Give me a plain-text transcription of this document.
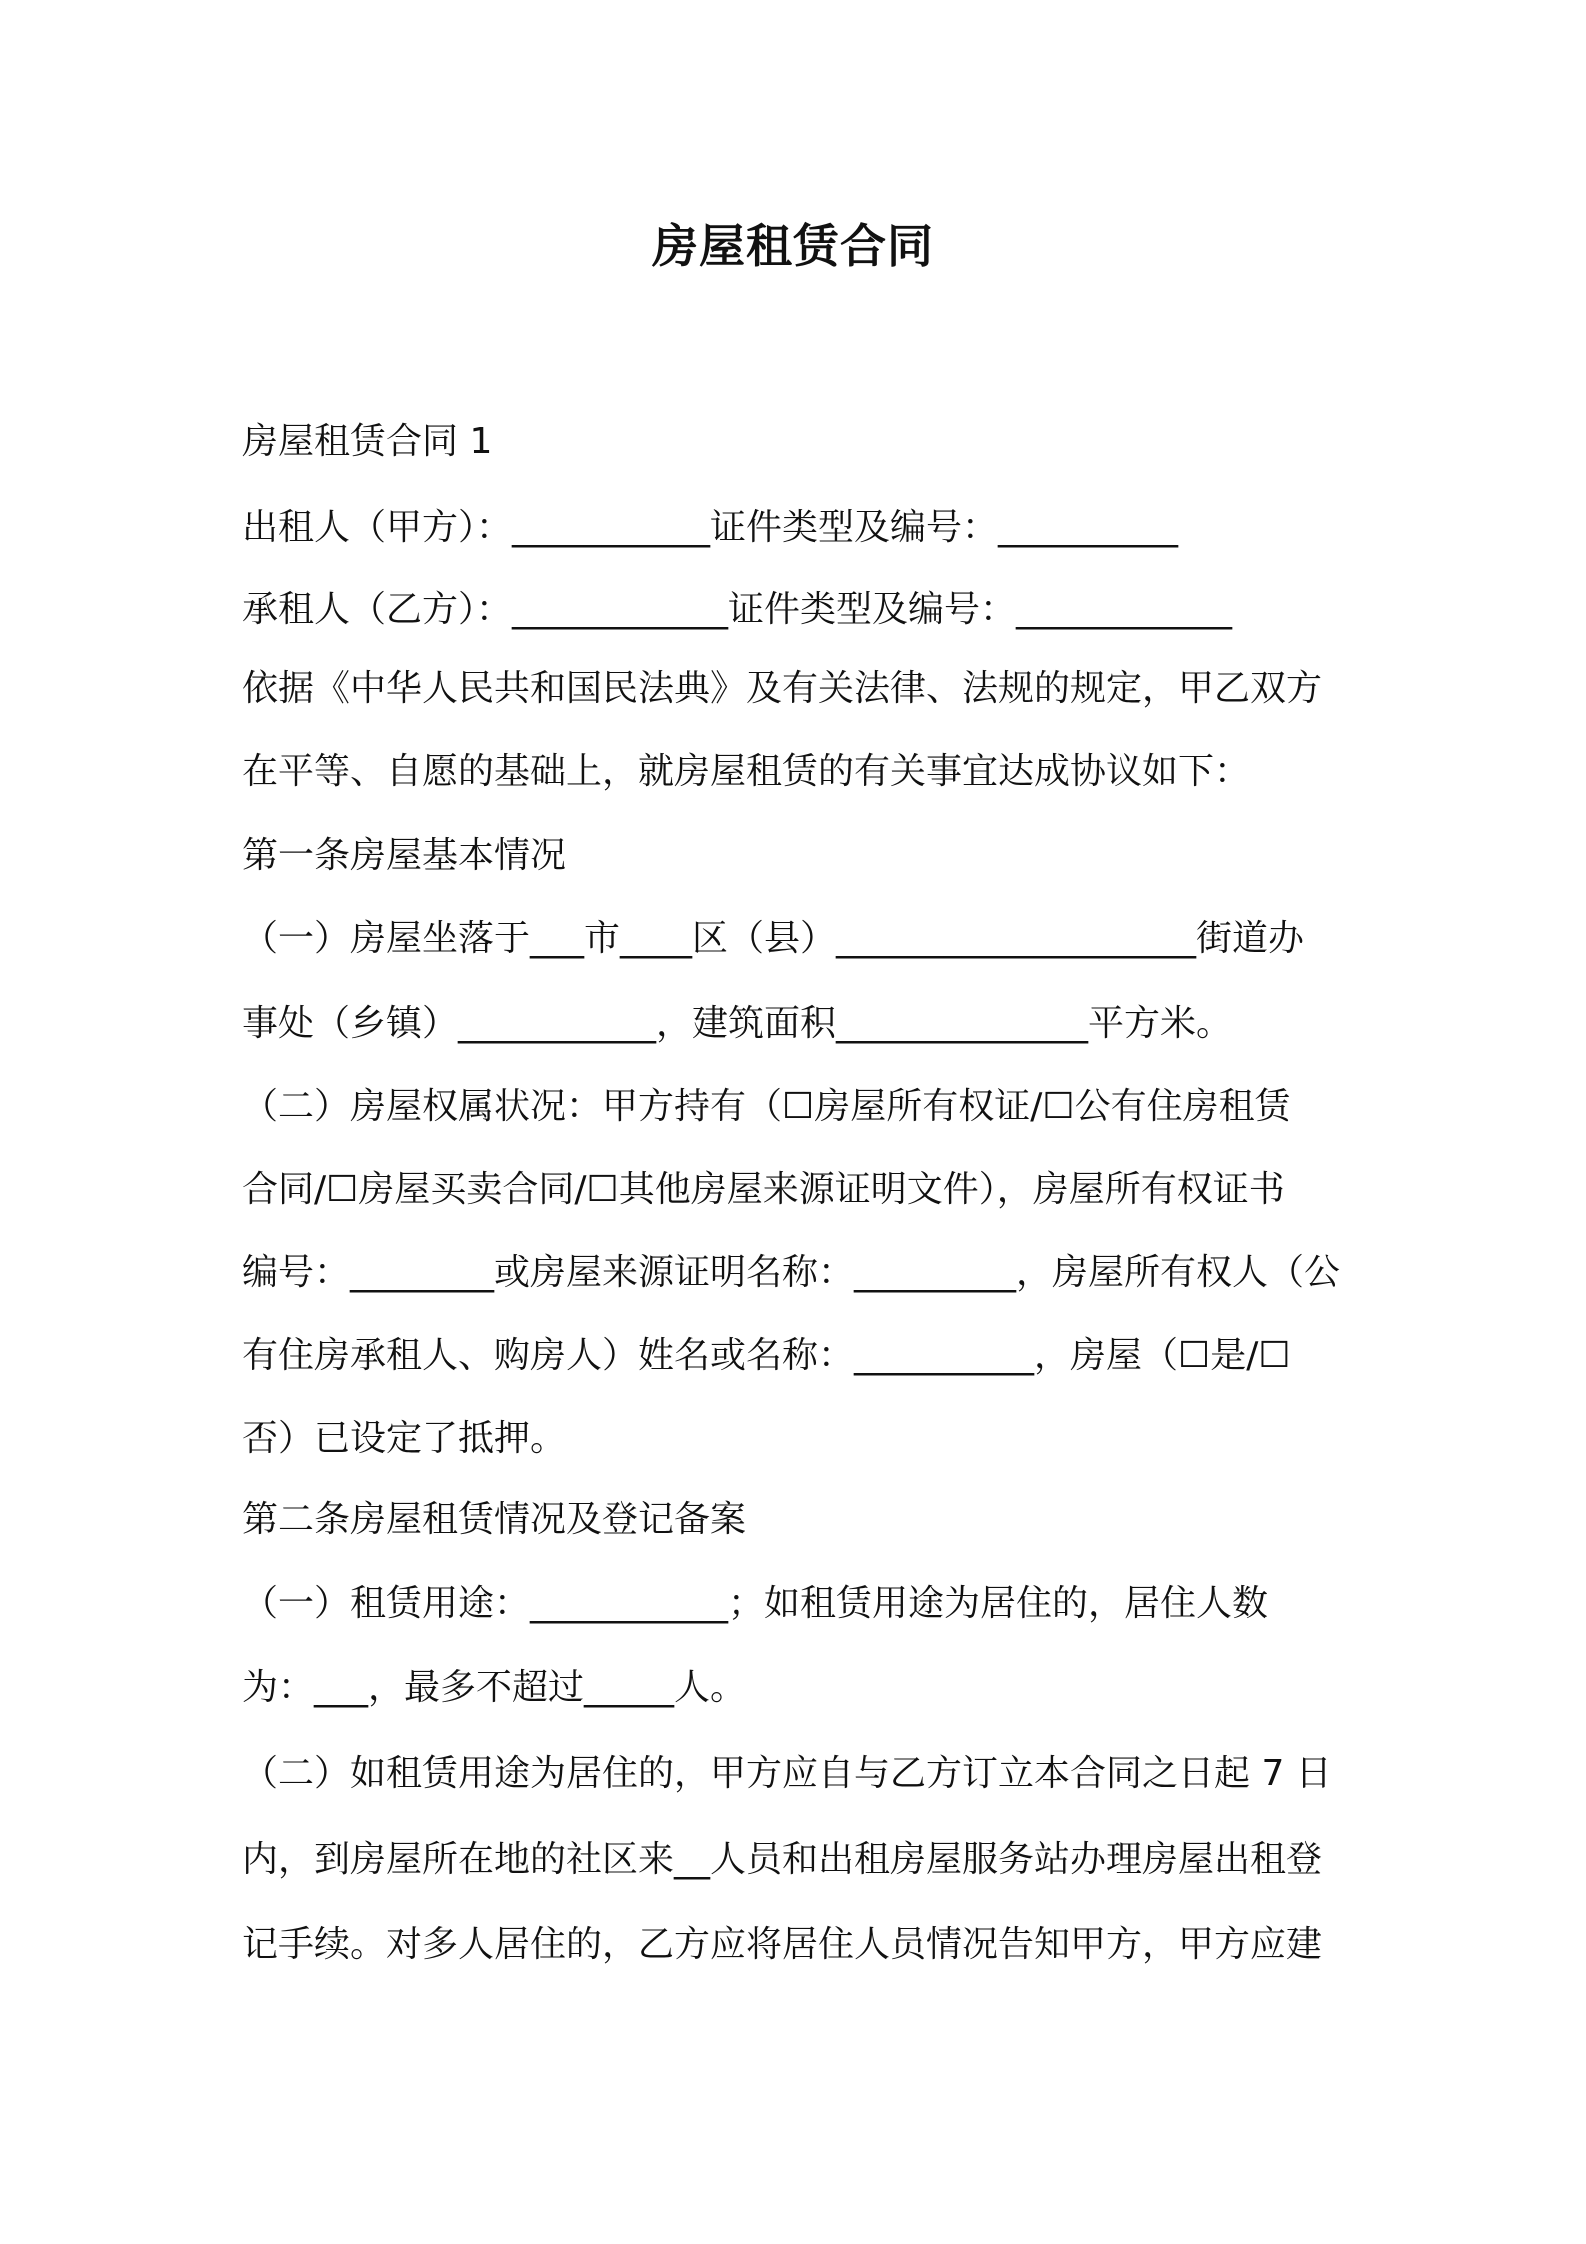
房屋租赁合同
房屋租赁合同 1
出租人（甲方）：___________证件类型及编号：__________
承租人（乙方）：____________证件类型及编号：____________
依据《中华人民共和国民法典》及有关法律、法规的规定，甲乙双方
在平等、自愿的基础上，就房屋租赁的有关事宜达成协议如下：
第一条房屋基本情况
（一）房屋坐落于___市____区（县）____________________街道办
事处（乡镇）___________，建筑面积______________平方米。
（二）房屋权属状况：甲方持有（☐房屋所有权证/☐公有住房租赁
合同/☐房屋买卖合同/☐其他房屋来源证明文件），房屋所有权证书
编号：________或房屋来源证明名称：_________，房屋所有权人（公
有住房承租人、购房人）姓名或名称：__________，房屋（☐是/☐
否）已设定了抵押。
第二条房屋租赁情况及登记备案
（一）租赁用途：___________；如租赁用途为居住的，居住人数
为：___，最多不超过_____人。
（二）如租赁用途为居住的，甲方应自与乙方订立本合同之日起 7 日
内，到房屋所在地的社区来__人员和出租房屋服务站办理房屋出租登
记手续。对多人居住的，乙方应将居住人员情况告知甲方，甲方应建
